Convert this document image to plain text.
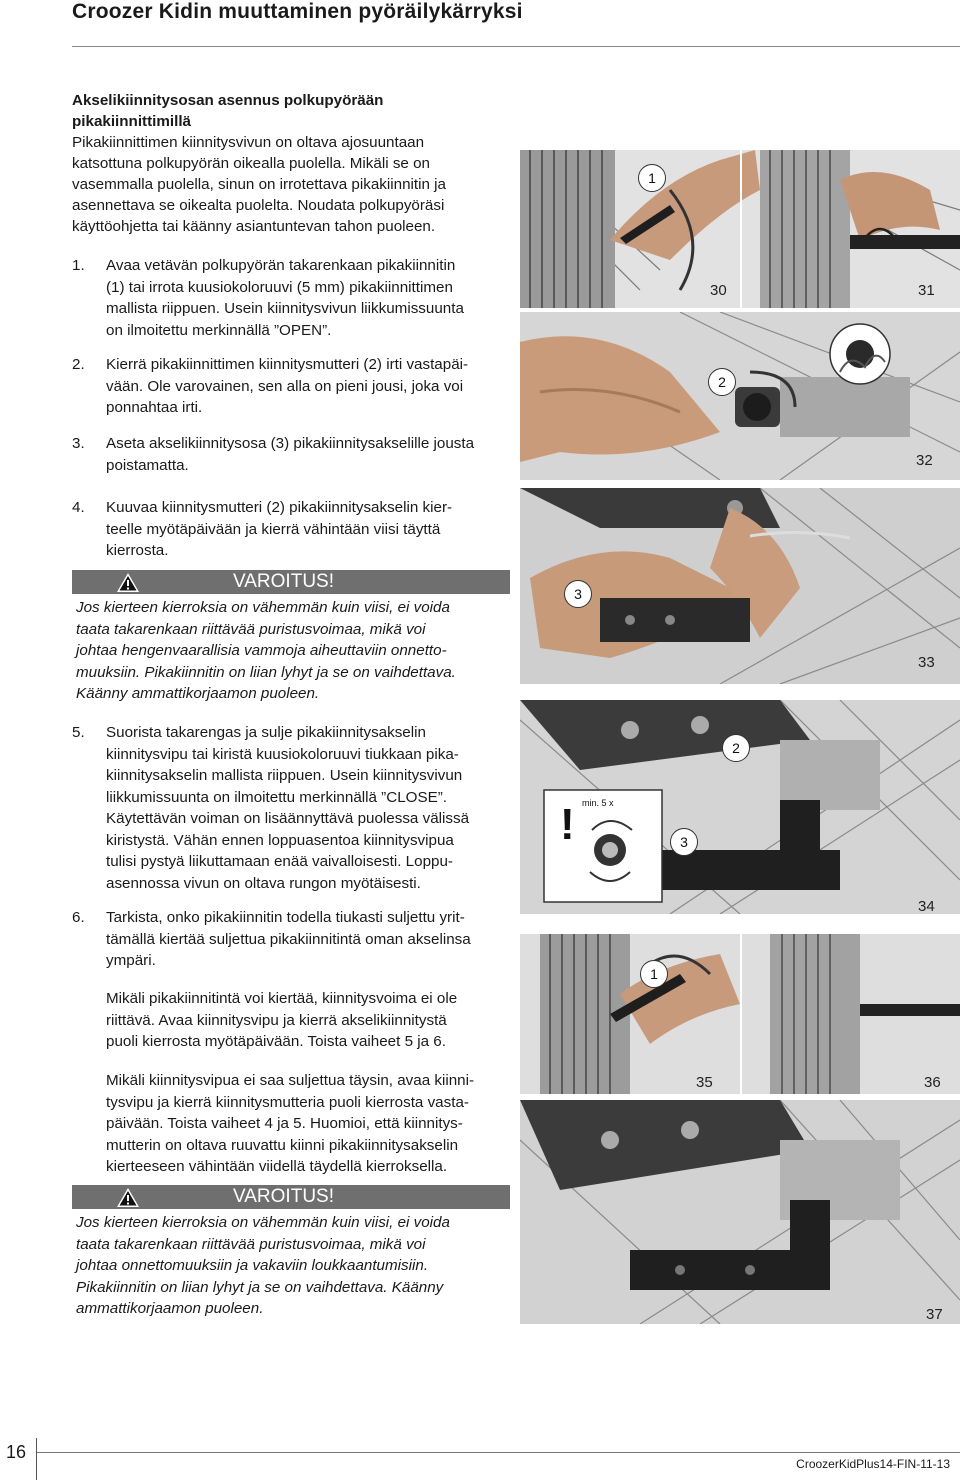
Croozer Kidin muuttaminen pyöräilykärryksi
Akselikiinnitysosan asennus polkupyörään
pikakiinnittimillä
Pikakiinnittimen kiinnitysvivun on oltava ajosuuntaan
katsottuna polkupyörän oikealla puolella. Mikäli se on
vasemmalla puolella, sinun on irrotettava pikakiinnitin ja
asennettava se oikealta puolelta. Noudata polkupyöräsi
käyttöohjetta tai käänny asiantuntevan tahon puoleen.
1. Avaa vetävän polkupyörän takarenkaan pikakiinnitin
(1) tai irrota kuusiokoloruuvi (5 mm) pikakiinnittimen
mallista riippuen. Usein kiinnitysvivun liikkumissuunta
on ilmoitettu merkinnällä ”OPEN”.
2. Kierrä pikakiinnittimen kiinnitysmutteri (2) irti vastapäi-
vään. Ole varovainen, sen alla on pieni jousi, joka voi
ponnahtaa irti.
3. Aseta akselikiinnitysosa (3) pikakiinnitysakselille jousta
poistamatta.
4. Kuuvaa kiinnitysmutteri (2) pikakiinnitysakselin kier-
teelle myötäpäivään ja kierrä vähintään viisi täyttä
kierrosta.
VAROITUS!
Jos kierteen kierroksia on vähemmän kuin viisi, ei voida
taata takarenkaan riittävää puristusvoimaa, mikä voi
johtaa hengenvaarallisia vammoja aiheuttaviin onnetto-
muuksiin. Pikakiinnitin on liian lyhyt ja se on vaihdettava.
Käänny ammattikorjaamon puoleen.
5. Suorista takarengas ja sulje pikakiinnitysakselin
kiinnitysvipu tai kiristä kuusiokoloruuvi tiukkaan pika-
kiinnitysakselin mallista riippuen. Usein kiinnitysvivun
liikkumissuunta on ilmoitettu merkinnällä ”CLOSE”.
Käytettävän voiman on lisäännyttävä puolessa välissä
kiristystä. Vähän ennen loppuasentoa kiinnitysvipua
tulisi pystyä liikuttamaan enää vaivalloisesti. Loppu-
asennossa vivun on oltava rungon myötäisesti.
6. Tarkista, onko pikakiinnitin todella tiukasti suljettu yrit-
tämällä kiertää suljettua pikakiinnitintä oman akselinsa
ympäri.
Mikäli pikakiinnitintä voi kiertää, kiinnitysvoima ei ole
riittävä. Avaa kiinnitysvipu ja kierrä akselikiinnitystä
puoli kierrosta myötäpäivään. Toista vaiheet 5 ja 6.
Mikäli kiinnitysvipua ei saa suljettua täysin, avaa kiinni-
tysvipu ja kierrä kiinnitysmutteria puoli kierrosta vasta-
päivään. Toista vaiheet 4 ja 5. Huomioi, että kiinnitys-
mutterin on oltava ruuvattu kiinni pikakiinnitysakselin
kierteeseen vähintään viidellä täydellä kierroksella.
VAROITUS!
Jos kierteen kierroksia on vähemmän kuin viisi, ei voida
taata takarenkaan riittävää puristusvoimaa, mikä voi
johtaa onnettomuuksiin ja vakaviin loukkaantumisiin.
Pikakiinnitin on liian lyhyt ja se on vaihdettava. Käänny
ammattikorjaamon puoleen.
30	31
1
32
2
33
3
34
! min. 5 x
2
3
35	36
1
37
16
CroozerKidPlus14-FIN-11-13
